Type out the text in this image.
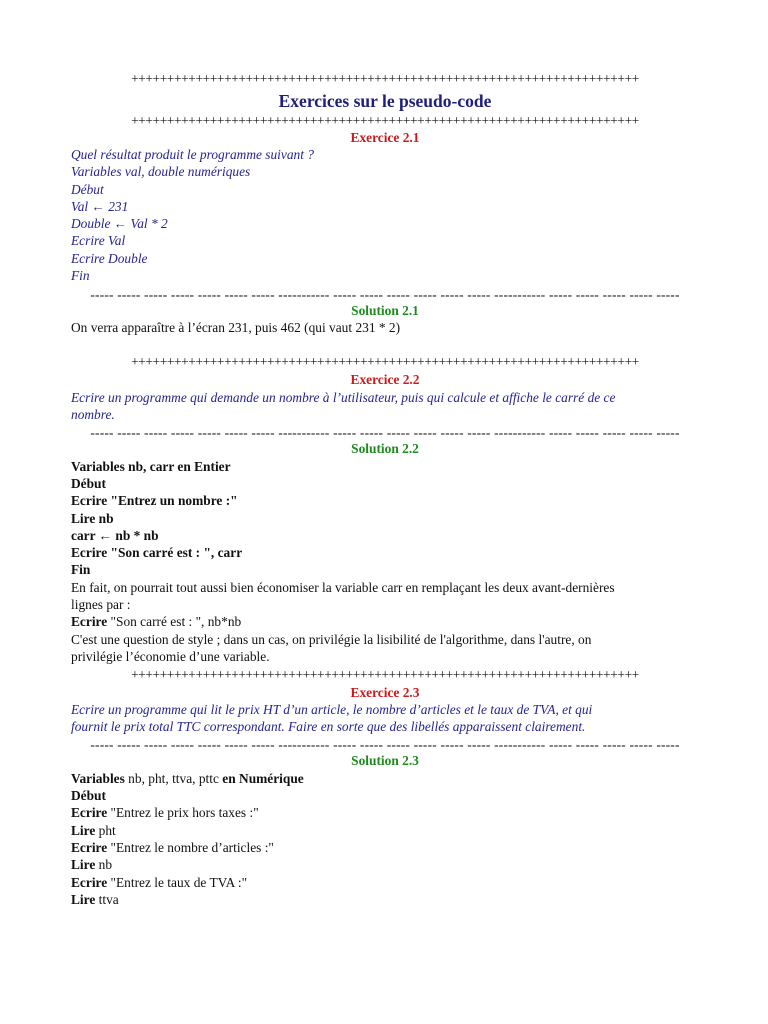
+++++++++++++++++++++++++++++++++++++++++++++++++++++++++++++++++++++++
Exercices sur le pseudo-code
+++++++++++++++++++++++++++++++++++++++++++++++++++++++++++++++++++++++
Exercice 2.1
Quel résultat produit le programme suivant ?
Variables val, double numériques
Début
Val ← 231
Double ← Val * 2
Ecrire Val
Ecrire Double
Fin
----- ----- ----- ----- ----- ----- ----- ----------- ----- ----- ----- ----- ----- ----- ----------- ----- ----- ----- ----- -----
Solution 2.1
On verra apparaître à l’écran 231, puis 462 (qui vaut 231 * 2)
+++++++++++++++++++++++++++++++++++++++++++++++++++++++++++++++++++++++
Exercice 2.2
Ecrire un programme qui demande un nombre à l’utilisateur, puis qui calcule et affiche le carré de ce
nombre.
----- ----- ----- ----- ----- ----- ----- ----------- ----- ----- ----- ----- ----- ----- ----------- ----- ----- ----- ----- -----
Solution 2.2
Variables nb, carr en Entier
Début
Ecrire "Entrez un nombre :"
Lire nb
carr ← nb * nb
Ecrire "Son carré est : ", carr
Fin
En fait, on pourrait tout aussi bien économiser la variable carr en remplaçant les deux avant-dernières
lignes par :
Ecrire "Son carré est : ", nb*nb
C'est une question de style ; dans un cas, on privilégie la lisibilité de l'algorithme, dans l'autre, on
privilégie l’économie d’une variable.
+++++++++++++++++++++++++++++++++++++++++++++++++++++++++++++++++++++++
Exercice 2.3
Ecrire un programme qui lit le prix HT d’un article, le nombre d’articles et le taux de TVA, et qui
fournit le prix total TTC correspondant. Faire en sorte que des libellés apparaissent clairement.
----- ----- ----- ----- ----- ----- ----- ----------- ----- ----- ----- ----- ----- ----- ----------- ----- ----- ----- ----- -----
Solution 2.3
Variables nb, pht, ttva, pttc en Numérique
Début
Ecrire "Entrez le prix hors taxes :"
Lire pht
Ecrire "Entrez le nombre d’articles :"
Lire nb
Ecrire "Entrez le taux de TVA :"
Lire ttva
